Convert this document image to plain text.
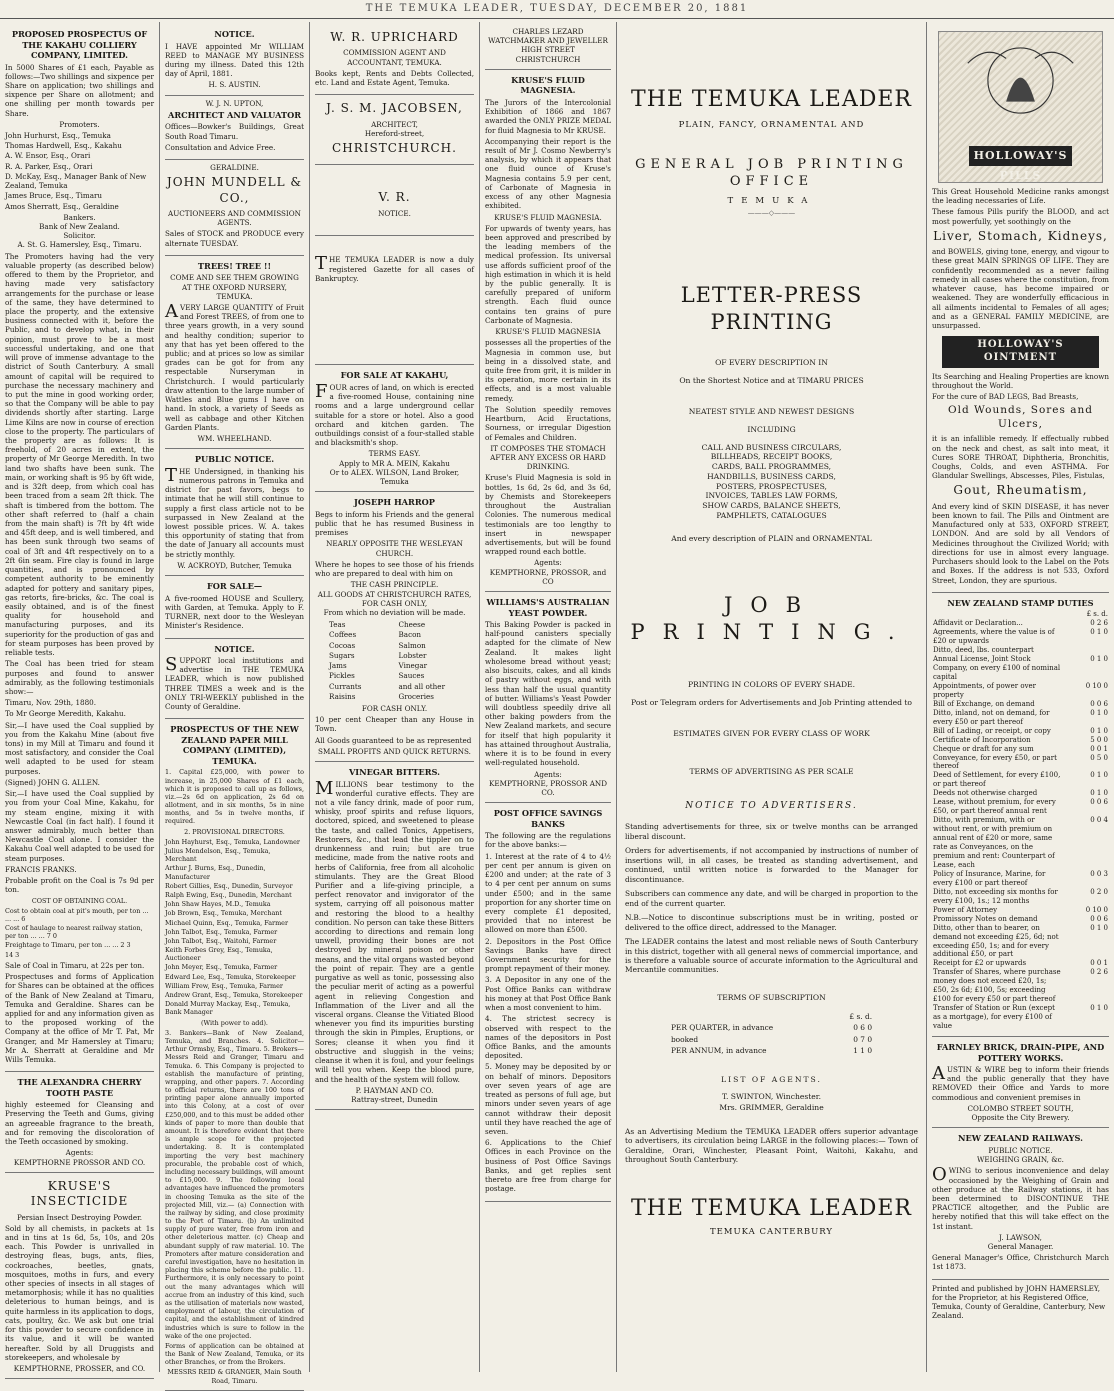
THE TEMUKA LEADER, TUESDAY, DECEMBER 20, 1881
PROPOSED PROSPECTUS OF THE KAKAHU COLLIERY COMPANY, LIMITED.

In 5000 Shares of £1 each, Payable as follows:—Two shillings and sixpence per Share on application; two shillings and sixpence per Share on allotment; and one shilling per month towards per Share.

Promoters.
John Hurhurst, Esq., Temuka
Thomas Hardwell, Esq., Kakahu
A. W. Ensor, Esq., Orari
R. A. Parker, Esq., Orari
D. McKay, Esq., Manager Bank of New Zealand, Temuka
James Bruce, Esq., Timaru
Amos Sherratt, Esq., Geraldine
Bankers.
Bank of New Zealand.
Solicitor.
A. St. G. Hamersley, Esq., Timaru.

The Promoters having had the very valuable property (as described below) offered to them by the Proprietor, and having made very satisfactory arrangements for the purchase or lease of the same, they have determined to place the property, and the extensive business connected with it, before the Public, and to develop what, in their opinion, must prove to be a most successful undertaking, and one that will prove of immense advantage to the district of South Canterbury. A small amount of capital will be required to purchase the necessary machinery and to put the mine in good working order, so that the Company will be able to pay dividends shortly after starting. Large Lime Kilns are now in course of erection close to the property. The particulars of the property are as follows: It is freehold, of 20 acres in extent, the property of Mr George Meredith. In two land two shafts have been sunk. The main, or working shaft is 95 by 6ft wide, and is 32ft deep, from which coal has been traced from a seam 2ft thick. The shaft is timbered from the bottom. The other shaft referred to (half a chain from the main shaft) is 7ft by 4ft wide and 45ft deep, and is well timbered, and has been sunk through two seams of coal of 3ft and 4ft respectively on to a 2ft 6in seam. Fire clay is found in large quantities, and is pronounced by competent authority to be eminently adapted for pottery and sanitary pipes, gas retorts, fire-bricks, &c. The coal is easily obtained, and is of the finest quality for household and manufacturing purposes, and its superiority for the production of gas and for steam purposes has been proved by reliable tests.

The Coal has been tried for steam purposes and found to answer admirably, as the following testimonials show:—

Timaru, Nov. 29th, 1880.

To Mr George Meredith, Kakahu.

Sir,—I have used the Coal supplied by you from the Kakahu Mine (about five tons) in my Mill at Timaru and found it most satisfactory, and consider the Coal well adapted to be used for steam purposes.

(Signed) JOHN G. ALLEN.

Sir,—I have used the Coal supplied by you from your Coal Mine, Kakahu, for my steam engine, mixing it with Newcastle Coal (in fact half). I found it answer admirably, much better than Newcastle Coal alone. I consider the Kakahu Coal well adapted to be used for steam purposes.

FRANCIS FRANKS.

Probable profit on the Coal is 7s 9d per ton.

COST OF OBTAINING COAL.
Cost to obtain coal at pit's mouth, per ton ... ... ... 6
Cost of haulage to nearest railway station, per ton ... ... 7 0
Freightage to Timaru, per ton ... ... 2 3
14 3

Sale of Coal in Timaru, at 22s per ton.

Prospectuses and forms of Application for Shares can be obtained at the offices of the Bank of New Zealand at Timaru, Temuka and Geraldine. Shares can be applied for and any information given as to the proposed working of the Company at the office of Mr T. Pat, Mr Granger, and Mr Hamersley at Timaru; Mr A. Sherratt at Geraldine and Mr Wills Temuka.

THE ALEXANDRA CHERRY TOOTH PASTE

highly esteemed for Cleansing and Preserving the Teeth and Gums, giving an agreeable fragrance to the breath, and for removing the discoloration of the Teeth occasioned by smoking.

Agents:
KEMPTHORNE PROSSOR AND CO.
KRUSE'S INSECTICIDE
Persian Insect Destroying Powder.

Sold by all chemists, in packets at 1s and in tins at 1s 6d, 5s, 10s, and 20s each. This Powder is unrivalled in destroying fleas, bugs, ants, flies, cockroaches, beetles, gnats, mosquitoes, moths in furs, and every other species of insects in all stages of metamorphosis; while it has no qualities deleterious to human beings, and is quite harmless in its application to dogs, cats, poultry, &c. We ask but one trial for this powder to secure confidence in its value, and it will be wanted hereafter. Sold by all Druggists and storekeepers, and wholesale by

KEMPTHORNE, PROSSER, and CO.
NOTICE.

I HAVE appointed Mr WILLIAM REED to MANAGE MY BUSINESS during my illness. Dated this 12th day of April, 1881.

H. S. AUSTIN.
W. J. N. UPTON,
ARCHITECT AND VALUATOR

Offices—Bowker's Buildings, Great South Road Timaru.

Consultation and Advice Free.

GERALDINE.
JOHN MUNDELL & CO.,
AUCTIONEERS AND COMMISSION AGENTS.

Sales of STOCK and PRODUCE every alternate TUESDAY.

TREES! TREE !!
COME AND SEE THEM GROWING AT THE OXFORD NURSERY, TEMUKA.

AVERY LARGE QUANTITY of Fruit and Forest TREES, of from one to three years growth, in a very sound and healthy condition; superior to any that has yet been offered to the public; and at prices so low as similar grades can be got for from any respectable Nurseryman in Christchurch. I would particularly draw attention to the large number of Wattles and Blue gums I have on hand. In stock, a variety of Seeds as well as cabbage and other Kitchen Garden Plants.

WM. WHEELHAND.
PUBLIC NOTICE.

THE Undersigned, in thanking his numerous patrons in Temuka and district for past favors, begs to intimate that he will still continue to supply a first class article not to be surpassed in New Zealand at the lowest possible prices. W. A. takes this opportunity of stating that from the date of January all accounts must be strictly monthly.

W. ACKROYD, Butcher, Temuka
FOR SALE—

A five-roomed HOUSE and Scullery, with Garden, at Temuka. Apply to F. TURNER, next door to the Wesleyan Minister's Residence.

NOTICE.

SUPPORT local institutions and advertise in THE TEMUKA LEADER, which is now published THREE TIMES a week and is the ONLY TRI-WEEKLY published in the County of Geraldine.

PROSPECTUS OF THE NEW ZEALAND PAPER MILL COMPANY (LIMITED), TEMUKA.

1. Capital £25,000, with power to increase, in 25,000 Shares of £1 each, which it is proposed to call up as follows, viz.—2s 6d on application, 2s 6d on allotment, and in six months, 5s in nine months, and 5s in twelve months, if required.

2. PROVISIONAL DIRECTORS.
John Hayhurst, Esq., Temuka, Landowner
Julius Mendelson, Esq., Temuka, Merchant
Arthur J. Burns, Esq., Dunedin, Manufacturer
Robert Gillies, Esq., Dunedin, Surveyor
Ralph Ewing, Esq., Dunedin, Merchant
John Shaw Hayes, M.D., Temuka
Job Brown, Esq., Temuka, Merchant
Michael Quinn, Esq., Temuka, Farmer
John Talbot, Esq., Temuka, Farmer
John Talbot, Esq., Waitohi, Farmer
Keith Forbes Grey, Esq., Temuka, Auctioneer
John Meyer, Esq., Temuka, Farmer
Edward Lee, Esq., Temuka, Storekeeper
William Frew, Esq., Temuka, Farmer
Andrew Grant, Esq., Temuka, Storekeeper
Donald Murray Mackay, Esq., Temuka, Bank Manager
(With power to add).

3. Bankers—Bank of New Zealand, Temuka, and Branches. 4. Solicitor—Arthur Ormsby, Esq., Timaru. 5. Brokers—Messrs Reid and Granger, Timaru and Temuka. 6. This Company is projected to establish the manufacture of printing, wrapping, and other papers. 7. According to official returns, there are 100 tons of printing paper alone annually imported into this Colony, at a cost of over £250,000, and to this must be added other kinds of paper to more than double that amount. It is therefore evident that there is ample scope for the projected undertaking. 8. It is contemplated importing the very best machinery procurable, the probable cost of which, including necessary buildings, will amount to £15,000. 9. The following local advantages have influenced the promoters in choosing Temuka as the site of the projected Mill, viz.— (a) Connection with the railway by siding, and close proximity to the Port of Timaru. (b) An unlimited supply of pure water, free from iron and other deleterious matter. (c) Cheap and abundant supply of raw material. 10. The Promoters after mature consideration and careful investigation, have no hesitation in placing this scheme before the public. 11. Furthermore, it is only necessary to point out the many advantages which will accrue from an industry of this kind, such as the utilisation of materials now wasted, employment of labour, the circulation of capital, and the establishment of kindred industries which is sure to follow in the wake of the one projected.

Forms of application can be obtained at the Bank of New Zealand, Temuka, or its other Branches, or from the Brokers.

MESSRS REID & GRANGER, Main South Road, Timaru.
W. R. UPRICHARD
COMMISSION AGENT AND ACCOUNTANT, TEMUKA.

Books kept, Rents and Debts Collected, etc. Land and Estate Agent, Temuka.

J. S. M. JACOBSEN,
ARCHITECT,
Hereford-street,
CHRISTCHURCH.
V. R.
NOTICE.

THE TEMUKA LEADER is now a duly registered Gazette for all cases of Bankruptcy.

FOR SALE AT KAKAHU,

FOUR acres of land, on which is erected a five-roomed House, containing nine rooms and a large underground cellar suitable for a store or hotel. Also a good orchard and kitchen garden. The outbuildings consist of a four-stalled stable and blacksmith's shop.

TERMS EASY.
Apply to MR A. MEIN, Kakahu
Or to ALEX. WILSON, Land Broker, Temuka
JOSEPH HARROP

Begs to inform his Friends and the general public that he has resumed Business in premises

NEARLY OPPOSITE THE WESLEYAN CHURCH.

Where he hopes to see those of his friends who are prepared to deal with him on

THE CASH PRINCIPLE.
ALL GOODS AT CHRISTCHURCH RATES, FOR CASH ONLY,
From which no deviation will be made.
Teas
Coffees
Cocoas
Sugars
Jams
Pickles
Currants
Raisins
Cheese
Bacon
Salmon
Lobster
Vinegar
Sauces
and all other
Groceries
FOR CASH ONLY.

10 per cent Cheaper than any House in Town.

All Goods guaranteed to be as represented

SMALL PROFITS AND QUICK RETURNS.
VINEGAR BITTERS.

MILLIONS bear testimony to the wonderful curative effects. They are not a vile fancy drink, made of poor rum, whisky, proof spirits and refuse liquors, doctored, spiced, and sweetened to please the taste, and called Tonics, Appetisers, Restorers, &c., that lead the tippler on to drunkenness and ruin; but are true medicine, made from the native roots and herbs of California, free from all alcoholic stimulants. They are the Great Blood Purifier and a life-giving principle, a perfect renovator and invigorator of the system, carrying off all poisonous matter and restoring the blood to a healthy condition. No person can take these Bitters according to directions and remain long unwell, providing their bones are not destroyed by mineral poison or other means, and the vital organs wasted beyond the point of repair. They are a gentle purgative as well as tonic, possessing also the peculiar merit of acting as a powerful agent in relieving Congestion and Inflammation of the Liver and all the visceral organs. Cleanse the Vitiated Blood whenever you find its impurities bursting through the skin in Pimples, Eruptions, or Sores; cleanse it when you find it obstructive and sluggish in the veins; cleanse it when it is foul, and your feelings will tell you when. Keep the blood pure, and the health of the system will follow.

P. HAYMAN AND CO.
Rattray-street, Dunedin
CHARLES LEZARD
WATCHMAKER AND JEWELLER
HIGH STREET
CHRISTCHURCH
KRUSE'S FLUID MAGNESIA.

The Jurors of the Intercolonial Exhibition of 1866 and 1867 awarded the ONLY PRIZE MEDAL for fluid Magnesia to Mr KRUSE.

Accompanying their report is the result of Mr J. Cosmo Newberry's analysis, by which it appears that one fluid ounce of Kruse's Magnesia contains 5.9 per cent, of Carbonate of Magnesia in excess of any other Magnesia exhibited.

KRUSE'S FLUID MAGNESIA.

For upwards of twenty years, has been approved and prescribed by the leading members of the medical profession. Its universal use affords sufficient proof of the high estimation in which it is held by the public generally. It is carefully prepared of uniform strength. Each fluid ounce contains ten grains of pure Carbonate of Magnesia.

KRUSE'S FLUID MAGNESIA

possesses all the properties of the Magnesia in common use, but being in a dissolved state, and quite free from grit, it is milder in its operation, more certain in its effects, and is a most valuable remedy.

The Solution speedily removes Heartburn, Acid Eructations, Sourness, or irregular Digestion of Females and Children.

IT COMPOSES THE STOMACH AFTER ANY EXCESS OR HARD DRINKING.

Kruse's Fluid Magnesia is sold in bottles, 1s 6d, 2s 6d, and 3s 6d, by Chemists and Storekeepers throughout the Australian Colonies. The numerous medical testimonials are too lengthy to insert in newspaper advertisements, but will be found wrapped round each bottle.

Agents:
KEMPTHORNE, PROSSOR, and CO
WILLIAMS'S AUSTRALIAN YEAST POWDER.

This Baking Powder is packed in half-pound canisters specially adapted for the climate of New Zealand. It makes light wholesome bread without yeast; also biscuits, cakes, and all kinds of pastry without eggs, and with less than half the usual quantity of butter. Williams's Yeast Powder will doubtless speedily drive all other baking powders from the New Zealand markets, and secure for itself that high popularity it has attained throughout Australia, where it is to be found in every well-regulated household.

Agents:
KEMPTHORNE, PROSSOR AND CO.
POST OFFICE SAVINGS BANKS

The following are the regulations for the above banks:—

1. Interest at the rate of 4 to 4½ per cent per annum is given on £200 and under; at the rate of 3 to 4 per cent per annum on sums under £500; and in the same proportion for any shorter time on every complete £1 deposited, provided that no interest be allowed on more than £500.

2. Depositors in the Post Office Savings Banks have direct Government security for the prompt repayment of their money.

3. A Depositor in any one of the Post Office Banks can withdraw his money at that Post Office Bank when a most convenient to him.

4. The strictest secrecy is observed with respect to the names of the depositors in Post Office Banks, and the amounts deposited.

5. Money may be deposited by or on behalf of minors. Depositors over seven years of age are treated as persons of full age, but minors under seven years of age cannot withdraw their deposit until they have reached the age of seven.

6. Applications to the Chief Offices in each Province on the business of Post Office Savings Banks, and get replies sent thereto are free from charge for postage.

THE TEMUKA LEADER
PLAIN, FANCY, ORNAMENTAL AND
GENERAL JOB PRINTING OFFICE
TEMUKA
———◇———
LETTER-PRESS PRINTING
OF EVERY DESCRIPTION IN
On the Shortest Notice and at TIMARU PRICES
NEATEST STYLE AND NEWEST DESIGNS
INCLUDING
CALL AND BUSINESS CIRCULARS,
BILLHEADS, RECEIPT BOOKS,
CARDS, BALL PROGRAMMES,
HANDBILLS, BUSINESS CARDS,
POSTERS, PROSPECTUSES,
INVOICES, TABLES LAW FORMS,
SHOW CARDS, BALANCE SHEETS,
PAMPHLETS, CATALOGUES
And every description of PLAIN and ORNAMENTAL
JOB PRINTING.
PRINTING IN COLORS OF EVERY SHADE.
Post or Telegram orders for Advertisements and Job Printing attended to
ESTIMATES GIVEN FOR EVERY CLASS OF WORK
TERMS OF ADVERTISING AS PER SCALE
NOTICE TO ADVERTISERS.

Standing advertisements for three, six or twelve months can be arranged liberal discount.

Orders for advertisements, if not accompanied by instructions of number of insertions will, in all cases, be treated as standing advertisement, and continued, until written notice is forwarded to the Manager for discontinuance.

Subscribers can commence any date, and will be charged in proportion to the end of the current quarter.

N.B.—Notice to discontinue subscriptions must be in writing, posted or delivered to the office direct, addressed to the Manager.

The LEADER contains the latest and most reliable news of South Canterbury in this district, together with all general news of commercial importance, and is therefore a valuable source of accurate information to the Agricultural and Mercantile communities.

TERMS OF SUBSCRIPTION
	£ s. d.
PER QUARTER, in advance	0 6 0
booked	0 7 0
PER ANNUM, in advance	1 1 0
LIST OF AGENTS.
T. SWINTON, Winchester.
Mrs. GRIMMER, Geraldine

As an Advertising Medium the TEMUKA LEADER offers superior advantage to advertisers, its circulation being LARGE in the following places:— Town of Geraldine, Orari, Winchester, Pleasant Point, Waitohi, Kakahu, and throughout South Canterbury.

THE TEMUKA LEADER
TEMUKA CANTERBURY
HOLLOWAY'S PILLS

This Great Household Medicine ranks amongst the leading necessaries of Life.

These famous Pills purify the BLOOD, and act most powerfully, yet soothingly on the

Liver, Stomach, Kidneys,

and BOWELS, giving tone, energy, and vigour to these great MAIN SPRINGS OF LIFE. They are confidently recommended as a never failing remedy in all cases where the constitution, from whatever cause, has become impaired or weakened. They are wonderfully efficacious in all ailments incidental to Females of all ages; and as a GENERAL FAMILY MEDICINE, are unsurpassed.

HOLLOWAY'S OINTMENT

Its Searching and Healing Properties are known throughout the World.

For the cure of BAD LEGS, Bad Breasts,

Old Wounds, Sores and Ulcers,

it is an infallible remedy. If effectually rubbed on the neck and chest, as salt into meat, it Cures SORE THROAT, Diphtheria, Bronchitis, Coughs, Colds, and even ASTHMA. For Glandular Swellings, Abscesses, Piles, Fistulas,

Gout, Rheumatism,

And every kind of SKIN DISEASE, it has never been known to fail. The Pills and Ointment are Manufactured only at 533, OXFORD STREET, LONDON. And are sold by all Vendors of Medicines throughout the Civilized World; with directions for use in almost every language. Purchasers should look to the Label on the Pots and Boxes. If the address is not 533, Oxford Street, London, they are spurious.

NEW ZEALAND STAMP DUTIES
	£ s. d.
Affidavit or Declaration...	0 2 6
Agreements, where the value is of £20 or upwards	0 1 0
Ditto, deed, lbs. counterpart	
Annual License, Joint Stock Company, on every £100 of nominal capital	0 1 0
Appointments, of power over property	0 10 0
Bill of Exchange, on demand	0 0 6
Ditto, inland, not on demand, for every £50 or part thereof	0 1 0
Bill of Lading, or receipt, or copy	0 1 0
Certificate of Incorporation	5 0 0
Cheque or draft for any sum	0 0 1
Conveyance, for every £50, or part thereof	0 5 0
Deed of Settlement, for every £100, or part thereof	0 1 0
Deeds not otherwise charged	0 1 0
Lease, without premium, for every £50, or part thereof annual rent	0 0 6
Ditto, with premium, with or without rent, or with premium on annual rent of £20 or more, same rate as Conveyances, on the premium and rent: Counterpart of Lease, each	0 0 4
Policy of Insurance, Marine, for every £100 or part thereof	0 0 3
Ditto, not exceeding six months for every £100, 1s.; 12 months	0 2 0
Power of Attorney	0 10 0
Promissory Notes on demand	0 0 6
Ditto, other than to bearer, on demand not exceeding £25, 6d; not exceeding £50, 1s; and for every additional £50, or part	0 1 0
Receipt for £2 or upwards	0 0 1
Transfer of Shares, where purchase money does not exceed £20, 1s; £50, 2s 6d; £100, 5s; exceeding £100 for every £50 or part thereof	0 2 6
Transfer of Station or Run (except as a mortgage), for every £100 of value	0 1 0
FARNLEY BRICK, DRAIN-PIPE, AND POTTERY WORKS.

AUSTIN & WIRE beg to inform their friends and the public generally that they have REMOVED their Office and Yards to more commodious and convenient premises in

COLOMBO STREET SOUTH,
Opposite the City Brewery.
NEW ZEALAND RAILWAYS.
PUBLIC NOTICE.
WEIGHING GRAIN, &c.

OWING to serious inconvenience and delay occasioned by the Weighing of Grain and other produce at the Railway stations, it has been determined to DISCONTINUE THE PRACTICE altogether, and the Public are hereby notified that this will take effect on the 1st instant.

J. LAWSON,
General Manager.

General Manager's Office, Christchurch March 1st 1873.

Printed and published by JOHN HAMERSLEY, for the Proprietor, at his Registered Office, Temuka, County of Geraldine, Canterbury, New Zealand.
